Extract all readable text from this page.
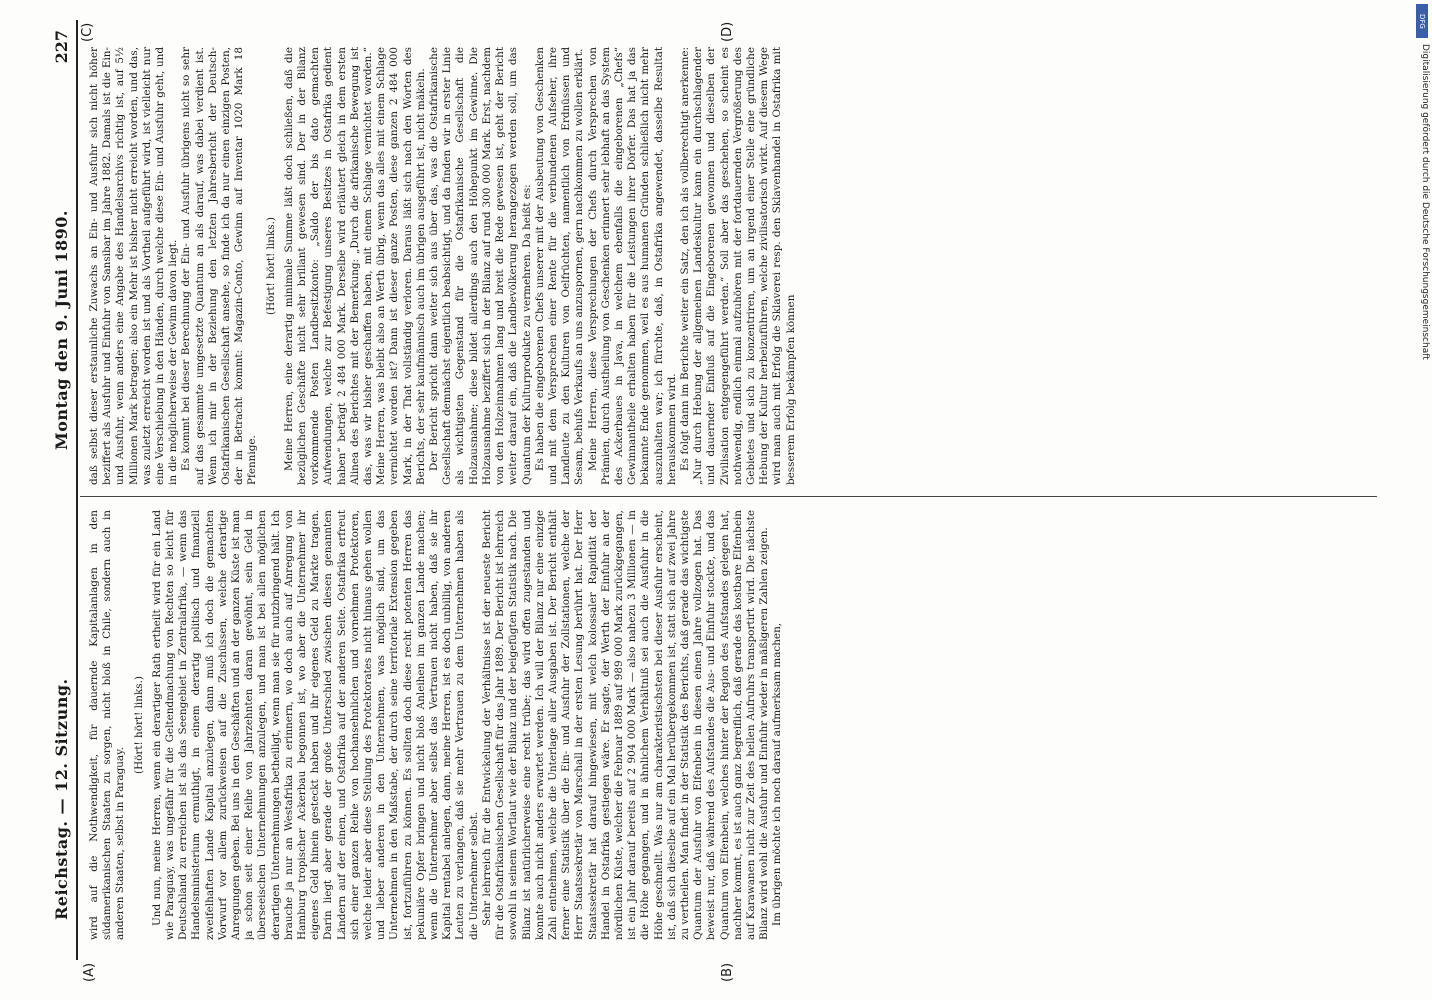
Reichstag. — 12. Sitzung.
Montag den 9. Juni 1890.
227
(A)	(B)
(C)	(D)

wird auf die Nothwendigkeit, für dauernde Kapitalanlagen in den südamerikanischen Staaten zu sorgen, nicht bloß in Chile, sondern auch in anderen Staaten, selbst in Paraguay.

(Hört! hört! links.) Und nun, meine Herren, wenn ein derartiger Rath ertheilt wird für ein Land wie Paraguay, was ungefähr für die Geltendmachung von Rechten so leicht für Deutschland zu erreichen ist als das Seengebiet in Zentralafrika, — wenn das Handelsministerium ermuthigt, in einem derartig politisch und finanziell zweifelhaften Lande Kapital anzulegen, dann muß ich doch die gemachten Vorwurf vor allem zurückweisen auf die Zuschüssen, welche derartige Anregungen geben. Bei uns in den Geschäften und an der ganzen Küste ist man ja schon seit einer Reihe von Jahrzehnten daran gewöhnt, sein Geld in überseeischen Unternehmungen anzulegen, und man ist bei allen möglichen derartigen Unternehmungen betheiligt, wenn man sie für nutzbringend hält. Ich brauche ja nur an Westafrika zu erinnern, wo doch auch auf Anregung von Hamburg tropischer Ackerbau begonnen ist, wo aber die Unternehmer ihr eigenes Geld hinein gesteckt haben und ihr eigenes Geld zu Markte tragen. Darin liegt aber gerade der große Unterschied zwischen diesen genannten Ländern auf der einen, und Ostafrika auf der anderen Seite. Ostafrika erfreut sich einer ganzen Reihe von hochansehnlichen und vornehmen Protektoren, welche leider aber diese Stellung des Protektorates nicht hinaus gehen wollen und lieber anderen in den Unternehmen, was möglich sind, um das Unternehmen in den Maßstabe, der durch seine territoriale Extension gegeben ist, fortzuführen zu können. Es sollten doch diese recht potenten Herren das pekuniäre Opfer bringen und nicht bloß Anleihen im ganzen Lande machen; wenn die Unternehmer aber selbst das Vertrauen nicht haben, daß sie ihr Kapital rentabel anlegen, dann, meine Herren, ist es doch unbillig, von anderen Leuten zu verlangen, daß sie mehr Vertrauen zu dem Unternehmen haben als die Unternehmer selbst. Sehr lehrreich für die Entwickelung der Verhältnisse ist der neueste Bericht für die Ostafrikanischen Gesellschaft für das Jahr 1889. Der Bericht ist lehrreich sowohl in seinem Wortlaut wie der Bilanz und der beigefügten Statistik nach. Die Bilanz ist natürlicherweise eine recht trübe; das wird offen zugestanden und konnte auch nicht anders erwartet werden. Ich will der Bilanz nur eine einzige Zahl entnehmen, welche die Unterlage aller Ausgaben ist. Der Bericht enthält ferner eine Statistik über die Ein- und Ausfuhr der Zollstationen, welche der Herr Staatssekretär von Marschall in der ersten Lesung berührt hat. Der Herr Staatssekretär hat darauf hingewiesen, mit welch kolossaler Rapidität der Handel in Ostafrika gestiegen wäre. Er sagte, der Werth der Einfuhr an der nördlichen Küste, welcher die Februar 1889 auf 989 000 Mark zurückgegangen, ist ein Jahr darauf bereits auf 2 904 000 Mark — also nahezu 3 Millionen — in die Höhe gegangen, und in ähnlichem Verhältniß sei auch die Ausfuhr in die Höhe geschnellt. Was nur am charakteristischsten bei dieser Ausfuhr erscheint, ist, daß sich dieselbe auf ein Mal herübergekommen ist, statt sich auf zwei Jahre zu vertheilen. Man findet in der Statistik des Berichts, daß gerade das wichtigste Quantum der Ausfuhr von Elfenbein in diesen einen Jahre vollzogen hat. Das beweist nur, daß während des Aufstandes die Aus- und Einfuhr stockte, und das Quantum von Elfenbein, welches hinter der Region des Aufstandes gelegen hat, nachher kommt, es ist auch ganz begreiflich, daß gerade das kostbare Elfenbein auf Karawanen nicht zur Zeit des hellen Aufruhrs transportirt wird. Die nächste Bilanz wird wohl die Ausfuhr und Einfuhr wieder in mäßigeren Zahlen zeigen. Im übrigen möchte ich noch darauf aufmerksam machen,

daß selbst dieser erstaunliche Zuwachs an Ein- und Ausfuhr sich nicht höher beziffert als Ausfuhr und Einfuhr von Sansibar im Jahre 1882. Damals ist die Ein- und Ausfuhr, wenn anders eine Angabe des Handelsarchivs richtig ist, auf 5½ Millionen Mark betragen; also ein Mehr ist bisher nicht erreicht worden, und das, was zuletzt erreicht worden ist und als Vortheil aufgeführt wird, ist vielleicht nur eine Verschiebung in den Händen, durch welche diese Ein- und Ausfuhr geht, und in die möglicherweise der Gewinn davon liegt. Es kommt bei dieser Berechnung der Ein- und Ausfuhr übrigens nicht so sehr auf das gesammte umgesetzte Quantum an als darauf, was dabei verdient ist. Wenn ich mir in der Beziehung den letzten Jahresbericht der Deutsch-Ostafrikanischen Gesellschaft ansehe, so finde ich da nur einen einzigen Posten, der in Betracht kommt: Magazin-Conto, Gewinn auf Inventar 1020 Mark 18 Pfennige.

(Hört! hört! links.) Meine Herren, eine derartig minimale Summe läßt doch schließen, daß die bezüglichen Geschäfte nicht sehr brillant gewesen sind. Der in der Bilanz vorkommende Posten Landbesitzkonto: „Saldo der bis dato gemachten Aufwendungen, welche zur Befestigung unseres Besitzes in Ostafrika gedient haben“ beträgt 2 484 000 Mark. Derselbe wird erläutert gleich in dem ersten Alinea des Berichtes mit der Bemerkung: „Durch die afrikanische Bewegung ist das, was wir bisher geschaffen haben, mit einem Schlage vernichtet worden.“ Meine Herren, was bleibt also an Werth übrig, wenn das alles mit einem Schlage vernichtet worden ist? Dann ist dieser ganze Posten, diese ganzen 2 484 000 Mark, in der That vollständig verloren. Daraus läßt sich nach den Worten des Berichts, der sehr kaufmännisch auch im übrigen ausgeführt ist, nicht mäkeln. Der Bericht spricht dann weiter sich aus über das, was die Ostafrikanische Gesellschaft demnächst eigentlich beabsichtigt, und da finden wir in erster Linie als wichtigsten Gegenstand für die Ostafrikanische Gesellschaft die Holzausnahme; diese bildet allerdings auch den Höhepunkt im Gewinne. Die Holzausnahme beziffert sich in der Bilanz auf rund 300 000 Mark. Erst, nachdem von den Holzeinnahmen lang und breit die Rede gewesen ist, geht der Bericht weiter darauf ein, daß die Landbevölkerung herangezogen werden soll, um das Quantum der Kulturprodukte zu vermehren. Da heißt es: Es haben die eingeborenen Chefs unserer mit der Ausbeutung von Geschenken und mit dem Versprechen einer Rente für die verbundenen Aufseher, ihre Landleute zu den Kulturen von Oelfrüchten, namentlich von Erdnüssen und Sesam, behufs Verkaufs an uns anzuspornen, gern nachkommen zu wollen erklärt. Meine Herren, diese Versprechungen der Chefs durch Versprechen von Prämien, durch Austheilung von Geschenken erinnert sehr lebhaft an das System des Ackerbaues in Java, in welchem ebenfalls die eingeborenen „Chefs“ Gewinnantheile erhalten haben für die Leistungen ihrer Dörfer. Das hat ja das bekannte Ende genommen, weil es aus humanen Gründen schließlich nicht mehr auszuhalten war; ich fürchte, daß, in Ostafrika angewendet, dasselbe Resultat herauskommen wird. Es folgt dann im Berichte weiter ein Satz, den ich als vollberechtigt anerkenne: „Nur durch Hebung der allgemeinen Landeskultur kann ein durchschlagender und dauernder Einfluß auf die Eingeborenen gewonnen und dieselben der Zivilisation entgegengeführt werden.“ Soll aber das geschehen, so scheint es nothwendig, endlich einmal aufzuhören mit der fortdauernden Vergrößerung des Gebietes und sich zu konzentriren, um an irgend einer Stelle eine gründliche Hebung der Kultur herbeizuführen, welche zivilisatorisch wirkt. Auf diesem Wege wird man auch mit Erfolg die Sklaverei resp. den Sklavenhandel in Ostafrika mit besserem Erfolg bekämpfen können

DFG
Digitalisierung gefördert durch die Deutsche Forschungsgemeinschaft
